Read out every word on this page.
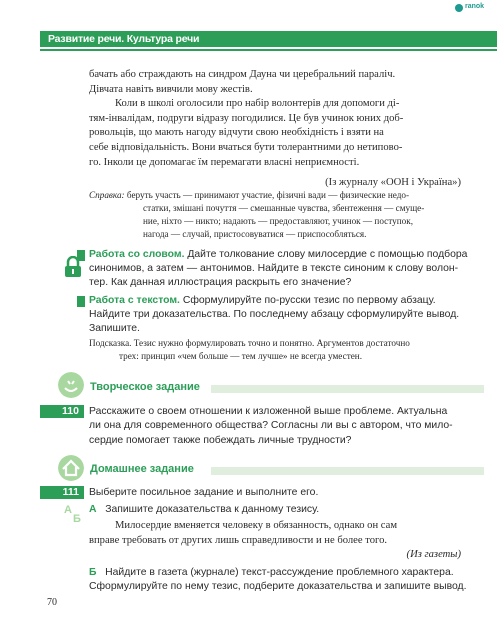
ranok
Развитие речи. Культура речи
бачать або страждають на синдром Дауна чи церебральний параліч.
Дівчата навіть вивчили мову жестів.
Коли в школі оголосили про набір волонтерів для допомоги ді-
тям-інвалідам, подруги відразу погодилися. Це був учинок юних доб-
ровольців, що мають нагоду відчути свою необхідність і взяти на
себе відповідальність. Вони вчаться бути толерантними до нетипово-
го. Інколи це допомагає їм перемагати власні неприємності.
(Із журналу «ООН і Україна»)
Справка: беруть участь — принимают участие, фізичні вади — физические недо-
статки, змішані почуття — смешанные чувства, збентеження — смуще-
ние, ніхто — никто; надають — предоставляют, учинок — поступок,
нагода — случай, пристосовуватися — приспособляться.
Работа со словом. Дайте толкование слову милосердие с помощью подбора
синонимов, а затем — антонимов. Найдите в тексте синоним к слову волон-
тер. Как данная иллюстрация раскрыть его значение?
Работа с текстом. Сформулируйте по-русски тезис по первому абзацу.
Найдите три доказательства. По последнему абзацу сформулируйте вывод.
Запишите.
Подсказка. Тезис нужно формулировать точно и понятно. Аргументов достаточно
трех: принцип «чем больше — тем лучше» не всегда уместен.
Творческое задание
110 Расскажите о своем отношении к изложенной выше проблеме. Актуальна
ли она для современного общества? Согласны ли вы с автором, что мило-
сердие помогает также побеждать личные трудности?
Домашнее задание
111 Выберите посильное задание и выполните его.
А
Б
А Запишите доказательства к данному тезису.
Милосердие вменяется человеку в обязанность, однако он сам
вправе требовать от других лишь справедливости и не более того.
(Из газеты)
Б Найдите в газета (журнале) текст-рассуждение проблемного характера.
Сформулируйте по нему тезис, подберите доказательства и запишите вывод.
70
